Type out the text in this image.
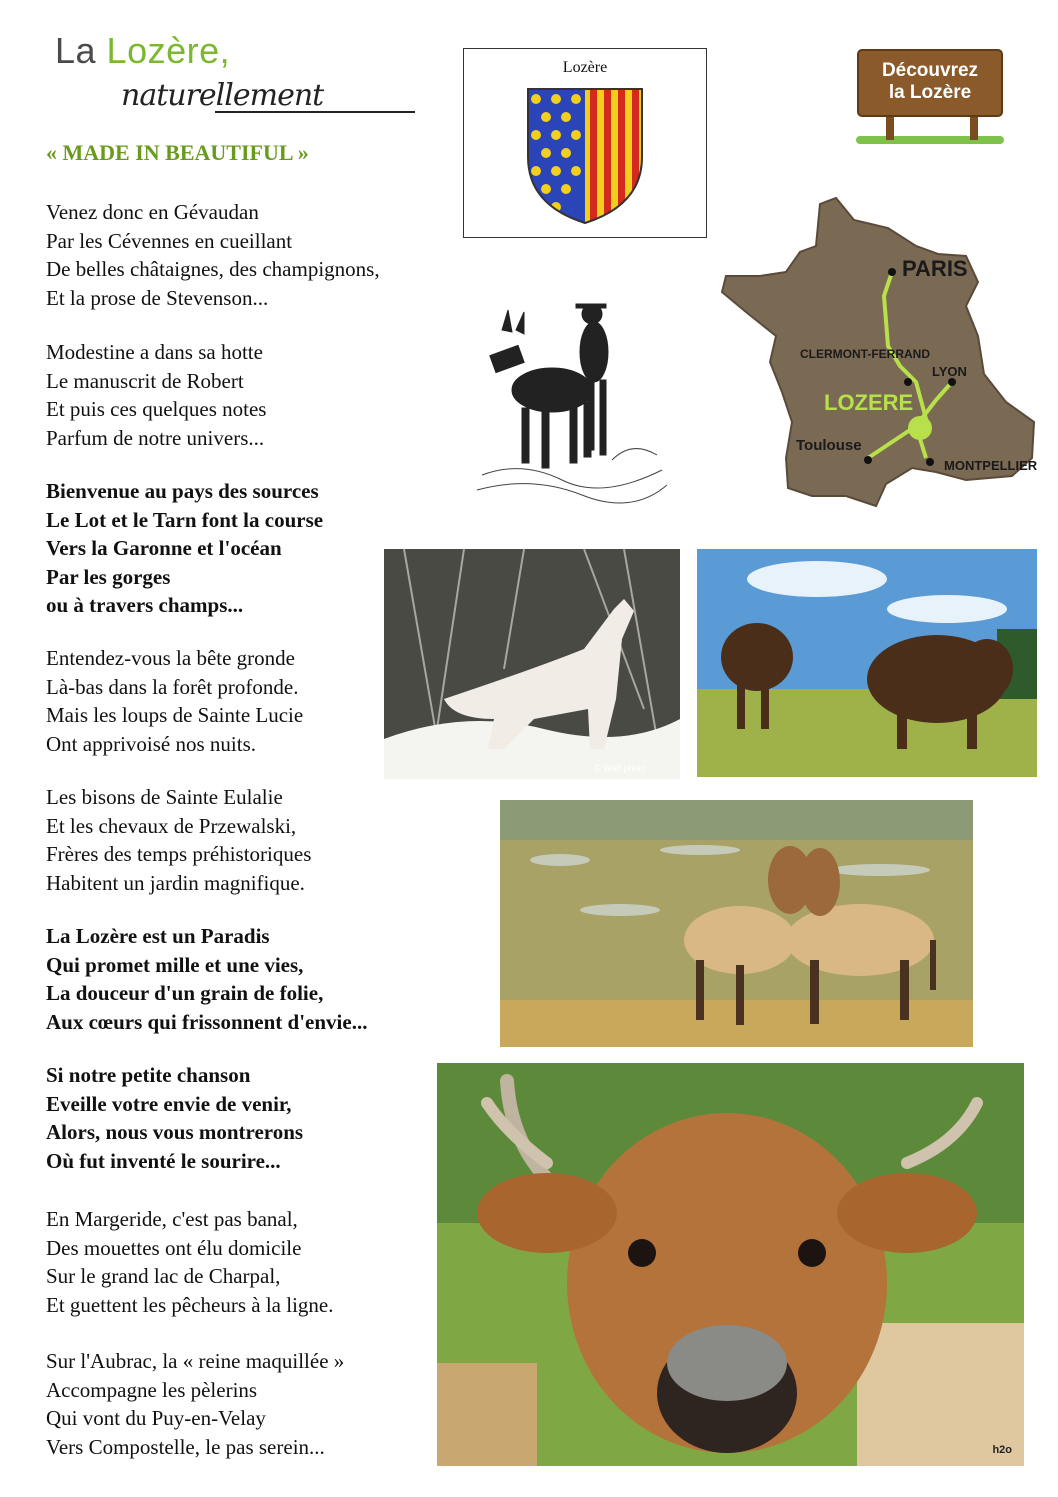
La Lozère,
naturellement
« MADE IN BEAUTIFUL »
Venez donc en Gévaudan
Par les Cévennes en cueillant
De belles châtaignes, des champignons,
Et la prose de Stevenson...
Modestine a dans sa hotte
Le manuscrit de Robert
Et puis ces quelques notes
Parfum de notre univers...
Bienvenue au pays des sources
Le Lot et le Tarn font la course
Vers la Garonne et l'océan
Par les gorges
ou à travers champs...
Entendez-vous la bête gronde
Là-bas dans la forêt profonde.
Mais les loups de Sainte Lucie
Ont apprivoisé nos nuits.
Les bisons de Sainte Eulalie
Et les chevaux de Przewalski,
Frères des temps préhistoriques
Habitent un jardin magnifique.
La Lozère est un Paradis
Qui promet mille et une vies,
La douceur d'un grain de folie,
Aux cœurs qui frissonnent d'envie...
Si notre petite chanson
Eveille votre envie de venir,
Alors, nous vous montrerons
Où fut inventé le sourire...
En Margeride, c'est pas banal,
Des mouettes ont élu domicile
Sur le grand lac de Charpal,
Et guettent les pêcheurs à la ligne.
Sur l'Aubrac, la « reine maquillée »
Accompagne les pèlerins
Qui vont du Puy-en-Velay
Vers Compostelle, le pas serein...
Lozère	Découvrez
la Lozère
PARIS
CLERMONT-FERRAND
LYON
LOZERE
Toulouse
MONTPELLIER
© Wolf photo
h2o
